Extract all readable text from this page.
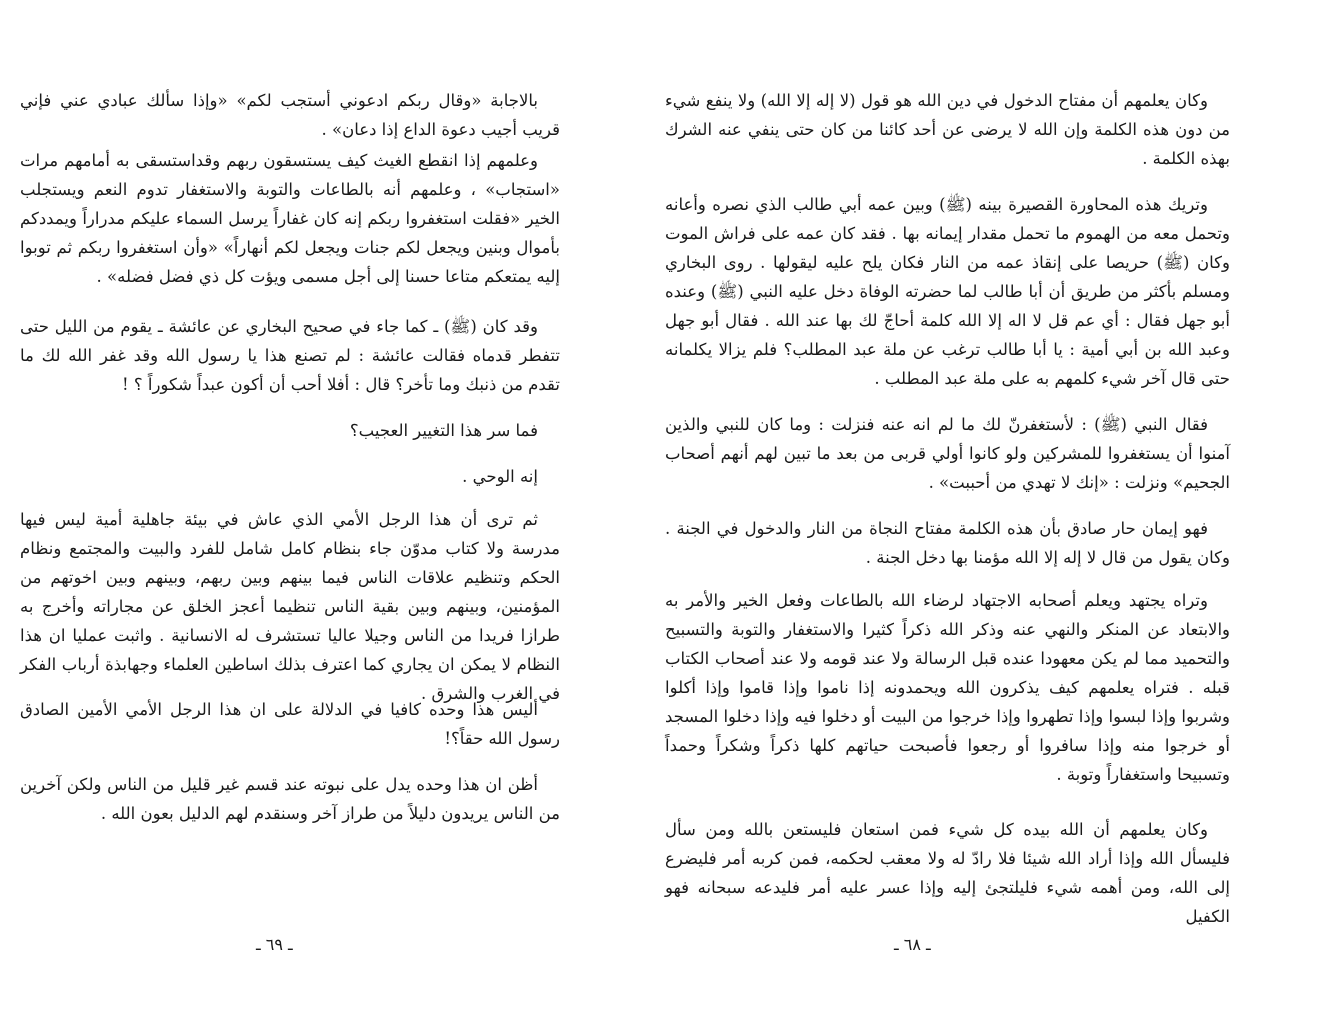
بالاجابة «وقال ربكم ادعوني أستجب لكم» «وإذا سألك عبادي عني فإني قريب أجيب دعوة الداع إذا دعان» .

وعلمهم إذا انقطع الغيث كيف يستسقون ربهم وقداستسقى به أمامهم مرات «استجاب» ، وعلمهم أنه بالطاعات والتوبة والاستغفار تدوم النعم ويستجلب الخير «فقلت استغفروا ربكم إنه كان غفاراً يرسل السماء عليكم مدراراً ويمددكم بأموال وبنين ويجعل لكم جنات ويجعل لكم أنهاراً» «وأن استغفروا ربكم ثم توبوا إليه يمتعكم متاعا حسنا إلى أجل مسمى ويؤت كل ذي فضل فضله» .

وقد كان (ﷺ) ـ كما جاء في صحيح البخاري عن عائشة ـ يقوم من الليل حتى تتفطر قدماه فقالت عائشة : لم تصنع هذا يا رسول الله وقد غفر الله لك ما تقدم من ذنبك وما تأخر؟ قال : أفلا أحب أن أكون عبداً شكوراً ؟ !

فما سر هذا التغيير العجيب؟

إنه الوحي .

ثم ترى أن هذا الرجل الأمي الذي عاش في بيئة جاهلية أمية ليس فيها مدرسة ولا كتاب مدوّن جاء بنظام كامل شامل للفرد والبيت والمجتمع ونظام الحكم وتنظيم علاقات الناس فيما بينهم وبين ربهم، وبينهم وبين اخوتهم من المؤمنين، وبينهم وبين بقية الناس تنظيما أعجز الخلق عن مجاراته وأخرج به طرازا فريدا من الناس وجيلا عاليا تستشرف له الانسانية . واثبت عمليا ان هذا النظام لا يمكن ان يجاري كما اعترف بذلك اساطين العلماء وجهابذة أرباب الفكر في الغرب والشرق .

أليس هذا وحده كافيا في الدلالة على ان هذا الرجل الأمي الأمين الصادق رسول الله حقاً؟!

أظن ان هذا وحده يدل على نبوته عند قسم غير قليل من الناس ولكن آخرين من الناس يريدون دليلاً من طراز آخر وسنقدم لهم الدليل بعون الله .

ـ ٦٩ ـ

وكان يعلمهم أن مفتاح الدخول في دين الله هو قول (لا إله إلا الله) ولا ينفع شيء من دون هذه الكلمة وإن الله لا يرضى عن أحد كائنا من كان حتى ينفي عنه الشرك بهذه الكلمة .

وتريك هذه المحاورة القصيرة بينه (ﷺ) وبين عمه أبي طالب الذي نصره وأعانه وتحمل معه من الهموم ما تحمل مقدار إيمانه بها . فقد كان عمه على فراش الموت وكان (ﷺ) حريصا على إنقاذ عمه من النار فكان يلح عليه ليقولها . روى البخاري ومسلم بأكثر من طريق أن أبا طالب لما حضرته الوفاة دخل عليه النبي (ﷺ) وعنده أبو جهل فقال : أي عم قل لا اله إلا الله كلمة أحاجّ لك بها عند الله . فقال أبو جهل وعبد الله بن أبي أمية : يا أبا طالب ترغب عن ملة عبد المطلب؟ فلم يزالا يكلمانه حتى قال آخر شيء كلمهم به على ملة عبد المطلب .

فقال النبي (ﷺ) : لأستغفرنّ لك ما لم انه عنه فنزلت : وما كان للنبي والذين آمنوا أن يستغفروا للمشركين ولو كانوا أولي قربى من بعد ما تبين لهم أنهم أصحاب الجحيم» ونزلت : «إنك لا تهدي من أحببت» .

فهو إيمان حار صادق بأن هذه الكلمة مفتاح النجاة من النار والدخول في الجنة . وكان يقول من قال لا إله إلا الله مؤمنا بها دخل الجنة .

وتراه يجتهد ويعلم أصحابه الاجتهاد لرضاء الله بالطاعات وفعل الخير والأمر به والابتعاد عن المنكر والنهي عنه وذكر الله ذكراً كثيرا والاستغفار والتوبة والتسبيح والتحميد مما لم يكن معهودا عنده قبل الرسالة ولا عند قومه ولا عند أصحاب الكتاب قبله . فتراه يعلمهم كيف يذكرون الله ويحمدونه إذا ناموا وإذا قاموا وإذا أكلوا وشربوا وإذا لبسوا وإذا تطهروا وإذا خرجوا من البيت أو دخلوا فيه وإذا دخلوا المسجد أو خرجوا منه وإذا سافروا أو رجعوا فأصبحت حياتهم كلها ذكراً وشكراً وحمداً وتسبيحا واستغفاراً وتوبة .

وكان يعلمهم أن الله بيده كل شيء فمن استعان فليستعن بالله ومن سأل فليسأل الله وإذا أراد الله شيئا فلا رادّ له ولا معقب لحكمه، فمن كربه أمر فليضرع إلى الله، ومن أهمه شيء فليلتجئ إليه وإذا عسر عليه أمر فليدعه سبحانه فهو الكفيل

ـ ٦٨ ـ
